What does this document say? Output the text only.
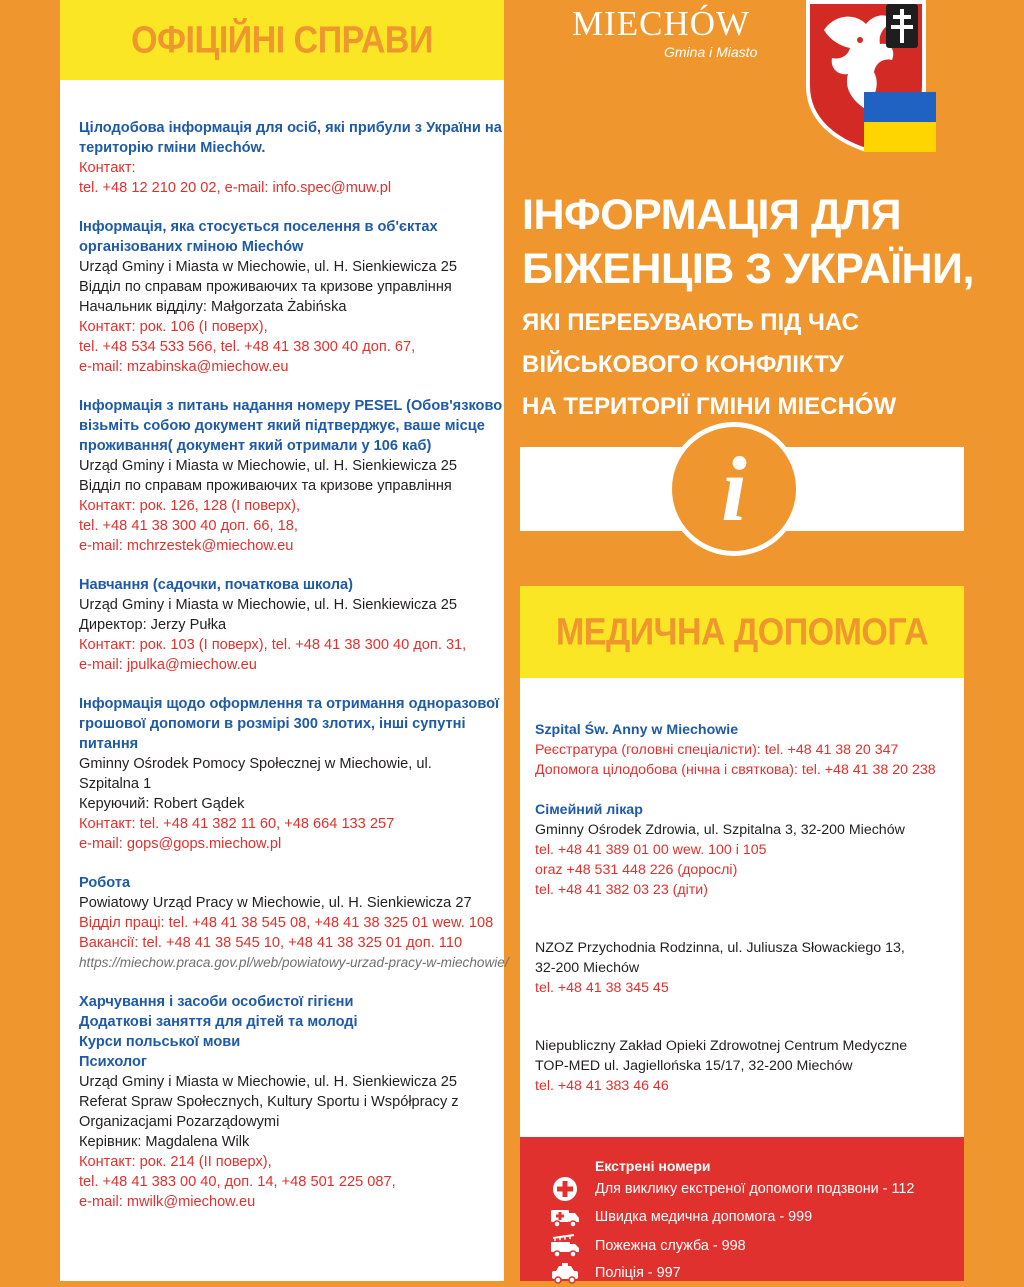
ОФІЦІЙНІ СПРАВИ
Цілодобова інформація для осіб, які прибули з України на
територію гміни Miechów.
Контакт:
tel. +48 12 210 20 02, e-mail: info.spec@muw.pl
Інформація, яка стосується поселення в об'єктах
організованих гміною Miechów
Urząd Gminy i Miasta w Miechowie, ul. H. Sienkiewicza 25
Відділ по справам проживаючих та кризове управління
Начальник відділу: Małgorzata Żabińska
Контакт: рок. 106 (I поверх),
tel. +48 534 533 566, tel. +48 41 38 300 40 доп. 67,
e-mail: mzabinska@miechow.eu
Інформація з питань надання номеру PESEL (Обов'язково
візьміть собою документ який підтверджує, ваше місце
проживання( документ який отримали у 106 каб)
Urząd Gminy i Miasta w Miechowie, ul. H. Sienkiewicza 25
Відділ по справам проживаючих та кризове управління
Контакт: рок. 126, 128 (I поверх),
tel. +48 41 38 300 40 доп. 66, 18,
e-mail: mchrzestek@miechow.eu
Навчання (садочки, початкова школа)
Urząd Gminy i Miasta w Miechowie, ul. H. Sienkiewicza 25
Директор: Jerzy Pułka
Контакт: рок. 103 (I поверх), tel. +48 41 38 300 40 доп. 31,
e-mail: jpulka@miechow.eu
Інформація щодо оформлення та отримання одноразової
грошової допомоги в розмірі 300 злотих, інші супутні
питання
Gminny Ośrodek Pomocy Społecznej w Miechowie, ul.
Szpitalna 1
Керуючий: Robert Gądek
Контакт: tel. +48 41 382 11 60, +48 664 133 257
e-mail: gops@gops.miechow.pl
Робота
Powiatowy Urząd Pracy w Miechowie, ul. H. Sienkiewicza 27
Відділ праці: tel. +48 41 38 545 08, +48 41 38 325 01 wew. 108
Вакансії: tel. +48 41 38 545 10, +48 41 38 325 01 доп. 110
https://miechow.praca.gov.pl/web/powiatowy-urzad-pracy-w-miechowie/
Харчування і засоби особистої гігієни
Додаткові заняття для дітей та молоді
Курси польської мови
Психолог
Urząd Gminy i Miasta w Miechowie, ul. H. Sienkiewicza 25
Referat Spraw Społecznych, Kultury Sportu i Współpracy z
Organizacjami Pozarządowymi
Керівник: Magdalena Wilk
Контакт: рок. 214 (II поверх),
tel. +48 41 383 00 40, доп. 14, +48 501 225 087,
e-mail: mwilk@miechow.eu
MIECHÓW
Gmina i Miasto
ІНФОРМАЦІЯ ДЛЯ
БІЖЕНЦІВ З УКРАЇНИ,
ЯКІ ПЕРЕБУВАЮТЬ ПІД ЧАС
ВІЙСЬКОВОГО КОНФЛІКТУ
НА ТЕРИТОРІЇ ГМІНИ MIECHÓW
i
МЕДИЧНА ДОПОМОГА
Szpital Św. Anny w Miechowie
Реєстратура (головні спеціалісти): tel. +48 41 38 20 347
Допомога цілодобова (нічна і святкова): tel. +48 41 38 20 238
Сімейний лікар
Gminny Ośrodek Zdrowia, ul. Szpitalna 3, 32-200 Miechów
tel. +48 41 389 01 00 wew. 100 i 105
oraz +48 531 448 226 (дорослі)
tel. +48 41 382 03 23 (діти)
NZOZ Przychodnia Rodzinna, ul. Juliusza Słowackiego 13,
32-200 Miechów
tel. +48 41 38 345 45
Niepubliczny Zakład Opieki Zdrowotnej Centrum Medyczne
TOP-MED ul. Jagiellońska 15/17, 32-200 Miechów
tel. +48 41 383 46 46
Екстрені номери
Для виклику екстреної допомоги подзвони - 112
Швидка медична допомога - 999
Пожежна служба - 998
Поліція - 997
